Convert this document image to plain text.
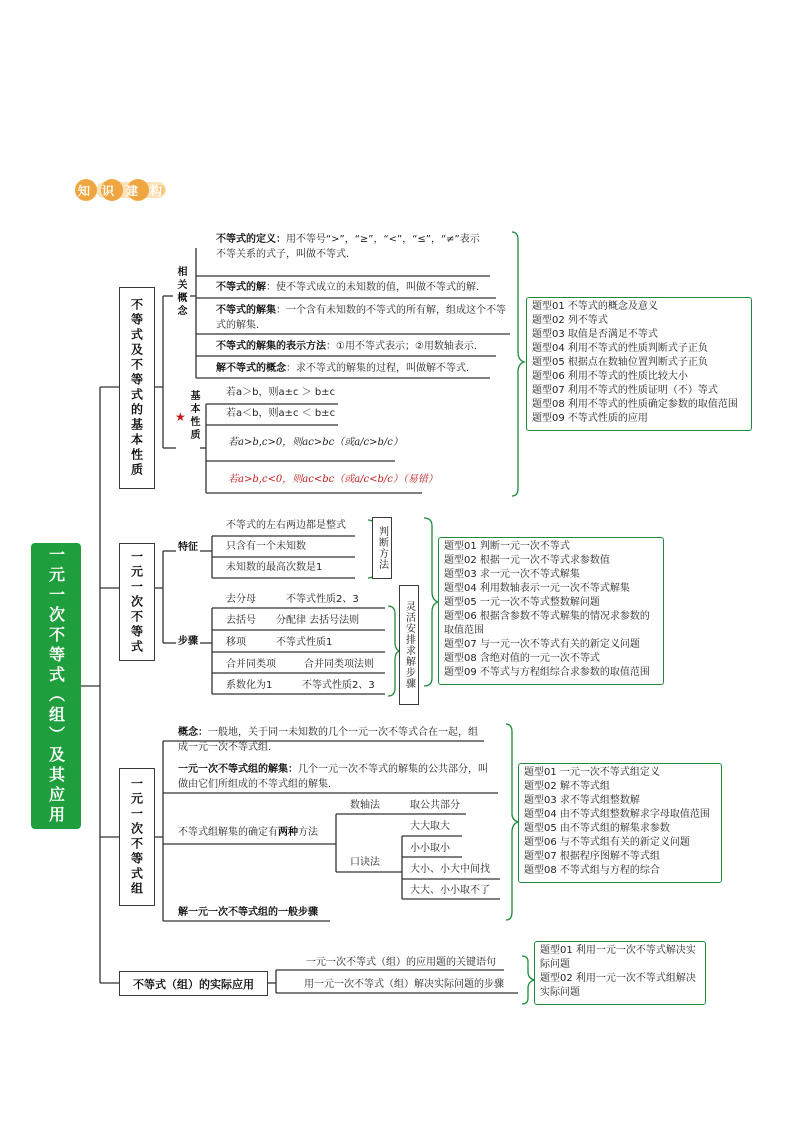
知识建构
一元一次不等式（组）及其应用
不等式及不等式的基本性质
相关概念
★ 基本性质
不等式的定义：用不等号“>”，“≥”，“<”，“≤”，“≠”表示不等关系的式子，叫做不等式.
不等式的解：使不等式成立的未知数的值，叫做不等式的解.
不等式的解集：一个含有未知数的不等式的所有解，组成这个不等式的解集.
不等式的解集的表示方法：①用不等式表示；②用数轴表示.
解不等式的概念：求不等式的解集的过程，叫做解不等式.
若a＞b，则a±c ＞ b±c
若a＜b，则a±c ＜ b±c
若a>b,c>0，则ac>bc（或a/c>b/c）
若a>b,c<0，则ac<bc（或a/c<b/c）（易错）
题型01 不等式的概念及意义
题型02 列不等式
题型03 取值是否满足不等式
题型04 利用不等式的性质判断式子正负
题型05 根据点在数轴位置判断式子正负
题型06 利用不等式的性质比较大小
题型07 利用不等式的性质证明（不）等式
题型08 利用不等式的性质确定参数的取值范围
题型09 不等式性质的应用
一元一次不等式
特征
不等式的左右两边都是整式
只含有一个未知数
未知数的最高次数是1	判断方法
步骤
去分母	不等式性质2、3
去括号 分配律 去括号法则
移项	不等式性质1
合并同类项	合并同类项法则
系数化为1	不等式性质2、3	灵活安排求解步骤
题型01 判断一元一次不等式
题型02 根据一元一次不等式求参数值
题型03 求一元一次不等式解集
题型04 利用数轴表示一元一次不等式解集
题型05 一元一次不等式整数解问题
题型06 根据含参数不等式解集的情况求参数的
取值范围
题型07 与一元一次不等式有关的新定义问题
题型08 含绝对值的一元一次不等式
题型09 不等式与方程组综合求参数的取值范围
一元一次不等式组
概念：一般地，关于同一未知数的几个一元一次不等式合在一起，组成一元一次不等式组.
一元一次不等式组的解集：几个一元一次不等式的解集的公共部分，叫做由它们所组成的不等式组的解集.
不等式组解集的确定有两种方法
数轴法	取公共部分
口诀法
大大取大
小小取小
大小、小大中间找
大大、小小取不了
解一元一次不等式组的一般步骤
题型01 一元一次不等式组定义
题型02 解不等式组
题型03 求不等式组整数解
题型04 由不等式组整数解求字母取值范围
题型05 由不等式组的解集求参数
题型06 与不等式组有关的新定义问题
题型07 根据程序图解不等式组
题型08 不等式组与方程的综合
不等式（组）的实际应用
一元一次不等式（组）的应用题的关键语句
用一元一次不等式（组）解决实际问题的步骤
题型01 利用一元一次不等式解决实
际问题
题型02 利用一元一次不等式组解决
实际问题
